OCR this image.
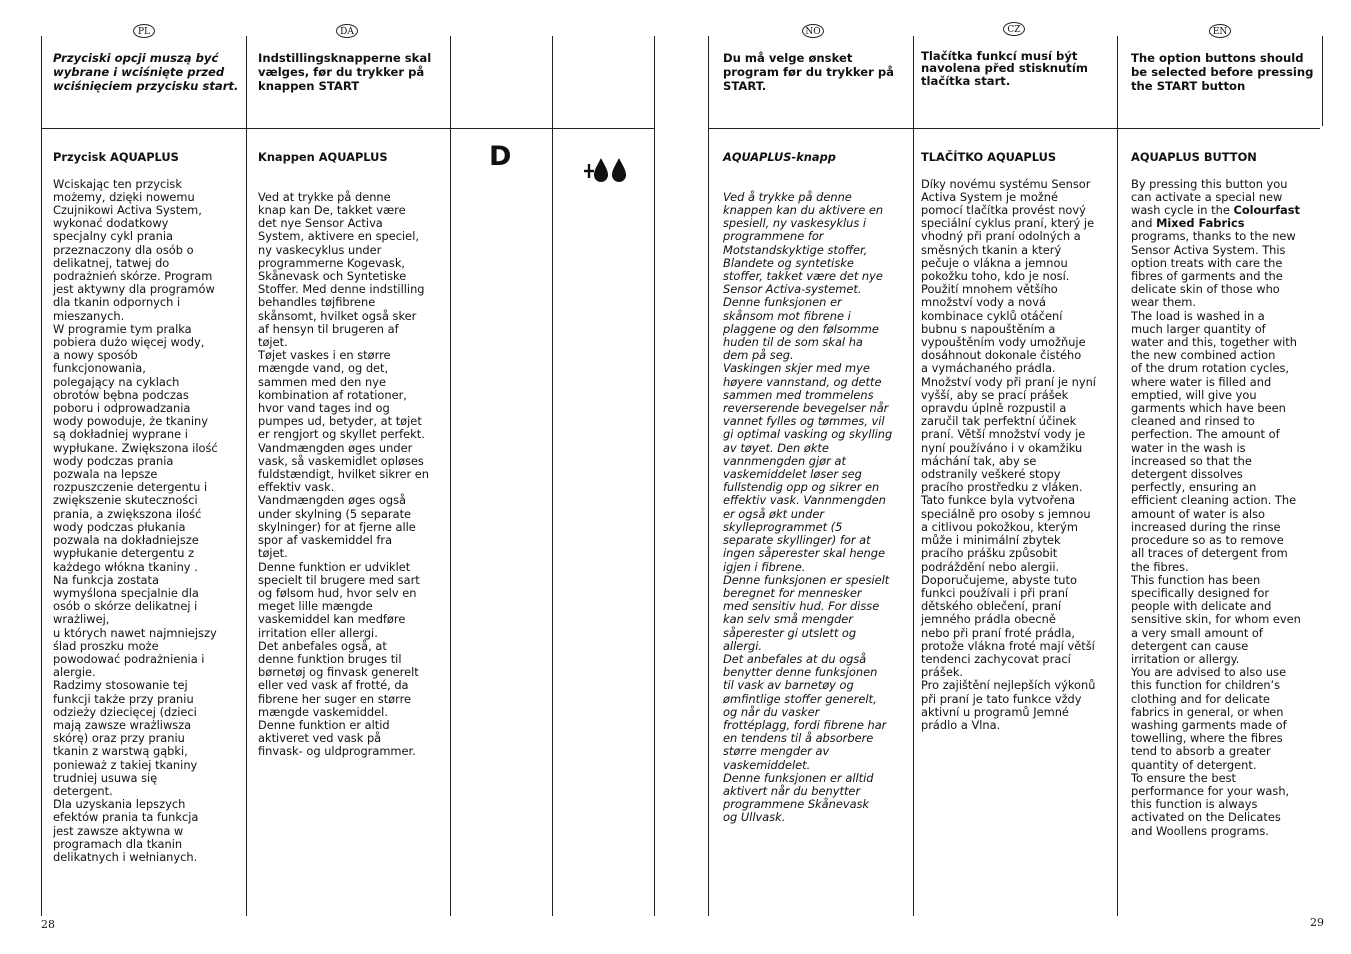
PL	DA	NO	CZ	EN
Przyciski opcji muszą być
wybrane i wciśnięte przed
wciśnięciem przycisku start.

Przycisk AQUAPLUS

Wciskając ten przycisk
możemy, dzięki nowemu
Czujnikowi Activa System,
wykonać dodatkowy
specjalny cykl prania
przeznaczony dla osób o
delikatnej, tatwej do
podrażnień skórze. Program
jest aktywny dla programów
dla tkanin odpornych i
mieszanych.
W programie tym pralka
pobiera dużo więcej wody,
a nowy sposób
funkcjonowania,
polegający na cyklach
obrotów bębna podczas
poboru i odprowadzania
wody powoduje, że tkaniny
są dokładniej wyprane i
wypłukane. Zwiększona ilość
wody podczas prania
pozwala na lepsze
rozpuszczenie detergentu i
zwiększenie skuteczności
prania, a zwiększona ilość
wody podczas płukania
pozwala na dokładniejsze
wypłukanie detergentu z
każdego włókna tkaniny .
Na funkcja zostata
wymyślona specjalnie dla
osób o skórze delikatnej i
wrażliwej,
u których nawet najmniejszy
ślad proszku może
powodować podrażnienia i
alergie.
Radzimy stosowanie tej
funkcji także przy praniu
odzieży dziecięcej (dzieci
mają zawsze wrażliwsza
skórę) oraz przy praniu
tkanin z warstwą gąbki,
ponieważ z takiej tkaniny
trudniej usuwa się
detergent.
Dla uzyskania lepszych
efektów prania ta funkcja
jest zawsze aktywna w
programach dla tkanin
delikatnych i wełnianych.

Indstillingsknapperne skal
vælges, før du trykker på
knappen START

Knappen AQUAPLUS

Ved at trykke på denne
knap kan De, takket være
det nye Sensor Activa
System, aktivere en speciel,
ny vaskecyklus under
programmerne Kogevask,
Skånevask och Syntetiske
Stoffer. Med denne indstilling
behandles tøjfibrene
skånsomt, hvilket også sker
af hensyn til brugeren af
tøjet.
Tøjet vaskes i en større
mængde vand, og det,
sammen med den nye
kombination af rotationer,
hvor vand tages ind og
pumpes ud, betyder, at tøjet
er rengjort og skyllet perfekt.
Vandmængden øges under
vask, så vaskemidlet opløses
fuldstændigt, hvilket sikrer en
effektiv vask.
Vandmængden øges også
under skylning (5 separate
skylninger) for at fjerne alle
spor af vaskemiddel fra
tøjet.
Denne funktion er udviklet
specielt til brugere med sart
og følsom hud, hvor selv en
meget lille mængde
vaskemiddel kan medføre
irritation eller allergi.
Det anbefales også, at
denne funktion bruges til
børnetøj og finvask generelt
eller ved vask af frotté, da
fibrene her suger en større
mængde vaskemiddel.
Denne funktion er altid
aktiveret ved vask på
finvask- og uldprogrammer.

D
Du må velge ønsket
program før du trykker på
START.

AQUAPLUS-knapp

Ved å trykke på denne
knappen kan du aktivere en
spesiell, ny vaskesyklus i
programmene for
Motstandskyktige stoffer,
Blandete og syntetiske
stoffer, takket være det nye
Sensor Activa-systemet.
Denne funksjonen er
skånsom mot fibrene i
plaggene og den følsomme
huden til de som skal ha
dem på seg.
Vaskingen skjer med mye
høyere vannstand, og dette
sammen med trommelens
reverserende bevegelser når
vannet fylles og tømmes, vil
gi optimal vasking og skylling
av tøyet. Den økte
vannmengden gjør at
vaskemiddelet løser seg
fullstendig opp og sikrer en
effektiv vask. Vannmengden
er også økt under
skylleprogrammet (5
separate skyllinger) for at
ingen såperester skal henge
igjen i fibrene.
Denne funksjonen er spesielt
beregnet for mennesker
med sensitiv hud. For disse
kan selv små mengder
såperester gi utslett og
allergi.
Det anbefales at du også
benytter denne funksjonen
til vask av barnetøy og
ømfintlige stoffer generelt,
og når du vasker
frottéplagg, fordi fibrene har
en tendens til å absorbere
større mengder av
vaskemiddelet.
Denne funksjonen er alltid
aktivert når du benytter
programmene Skånevask
og Ullvask.

Tlačítka funkcí musí být
navolena před stisknutím
tlačítka start.

TLAČÍTKO AQUAPLUS

Díky novému systému Sensor
Activa System je možné
pomocí tlačítka provést nový
speciální cyklus praní, který je
vhodný při praní odolných a
směsných tkanin a který
pečuje o vlákna a jemnou
pokožku toho, kdo je nosí.
Použití mnohem většího
množství vody a nová
kombinace cyklů otáčení
bubnu s napouštěním a
vypouštěním vody umožňuje
dosáhnout dokonale čistého
a vymáchaného prádla.
Množství vody při praní je nyní
vyšší, aby se prací prášek
opravdu úplně rozpustil a
zaručil tak perfektní účinek
praní. Větší množství vody je
nyní používáno i v okamžiku
máchání tak, aby se
odstranily veškeré stopy
pracího prostředku z vláken.
Tato funkce byla vytvořena
speciálně pro osoby s jemnou
a citlivou pokožkou, kterým
může i minimální zbytek
pracího prášku způsobit
podráždění nebo alergii.
Doporučujeme, abyste tuto
funkci používali i při praní
dětského oblečení, praní
jemného prádla obecně
nebo při praní froté prádla,
protože vlákna froté mají větší
tendenci zachycovat prací
prášek.
Pro zajištění nejlepších výkonů
při praní je tato funkce vždy
aktivní u programů Jemné
prádlo a Vlna.

The option buttons should
be selected before pressing
the START button

AQUAPLUS BUTTON

By pressing this button you
can activate a special new
wash cycle in the Colourfast
and Mixed Fabrics
programs, thanks to the new
Sensor Activa System. This
option treats with care the
fibres of garments and the
delicate skin of those who
wear them.
The load is washed in a
much larger quantity of
water and this, together with
the new combined action
of the drum rotation cycles,
where water is filled and
emptied, will give you
garments which have been
cleaned and rinsed to
perfection. The amount of
water in the wash is
increased so that the
detergent dissolves
perfectly, ensuring an
efficient cleaning action. The
amount of water is also
increased during the rinse
procedure so as to remove
all traces of detergent from
the fibres.
This function has been
specifically designed for
people with delicate and
sensitive skin, for whom even
a very small amount of
detergent can cause
irritation or allergy.
You are advised to also use
this function for children’s
clothing and for delicate
fabrics in general, or when
washing garments made of
towelling, where the fibres
tend to absorb a greater
quantity of detergent.
To ensure the best
performance for your wash,
this function is always
activated on the Delicates
and Woollens programs.

28	29
